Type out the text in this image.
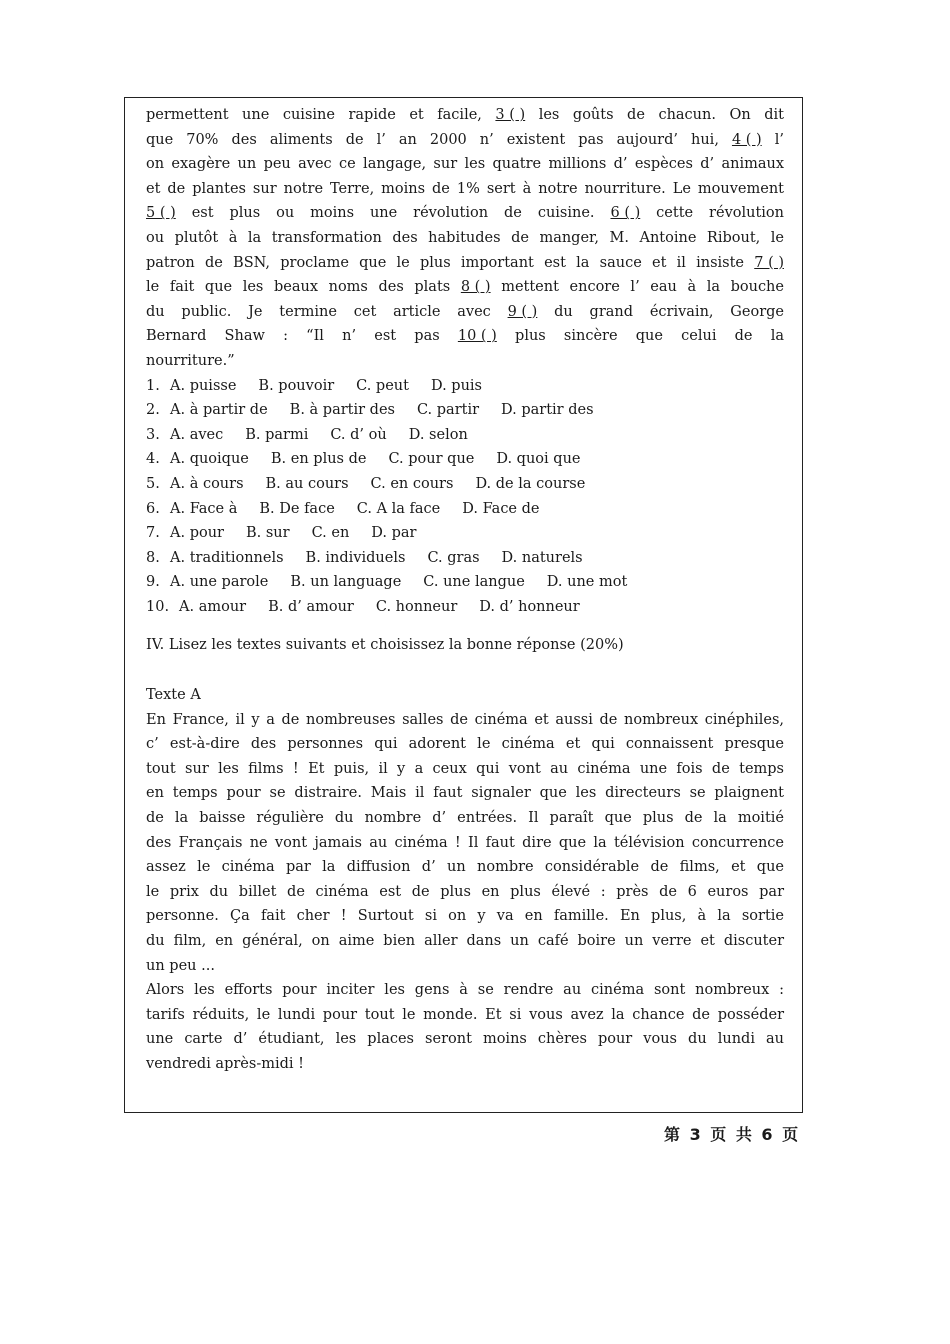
permettent une cuisine rapide et facile, 3 ( ) les goûts de chacun. On dit

que 70% des aliments de l’ an 2000 n’ existent pas aujourd’ hui, 4 ( ) l’

on exagère un peu avec ce langage, sur les quatre millions d’ espèces d’ animaux

et de plantes sur notre Terre, moins de 1% sert à notre nourriture. Le mouvement

5 ( ) est plus ou moins une révolution de cuisine. 6 ( ) cette révolution

ou plutôt à la transformation des habitudes de manger, M. Antoine Ribout, le

patron de BSN, proclame que le plus important est la sauce et il insiste 7 ( )

le fait que les beaux noms des plats 8 ( ) mettent encore l’ eau à la bouche

du public. Je termine cet article avec 9 ( ) du grand écrivain, George

Bernard Shaw : “Il n’ est pas 10 ( ) plus sincère que celui de la

nourriture.”

1. A. puisse B. pouvoir C. peut D. puis
2. A. à partir de B. à partir des C. partir D. partir des
3. A. avec B. parmi C. d’ où D. selon
4. A. quoique B. en plus de C. pour que D. quoi que
5. A. à cours B. au cours C. en cours D. de la course
6. A. Face à B. De face C. A la face D. Face de
7. A. pour B. sur C. en D. par
8. A. traditionnels B. individuels C. gras D. naturels
9. A. une parole B. un language C. une langue D. une mot
10. A. amour B. d’ amour C. honneur D. d’ honneur

IV. Lisez les textes suivants et choisissez la bonne réponse (20%)

Texte A

En France, il y a de nombreuses salles de cinéma et aussi de nombreux cinéphiles,

c’ est-à-dire des personnes qui adorent le cinéma et qui connaissent presque

tout sur les films ! Et puis, il y a ceux qui vont au cinéma une fois de temps

en temps pour se distraire. Mais il faut signaler que les directeurs se plaignent

de la baisse régulière du nombre d’ entrées. Il paraît que plus de la moitié

des Français ne vont jamais au cinéma ! Il faut dire que la télévision concurrence

assez le cinéma par la diffusion d’ un nombre considérable de films, et que

le prix du billet de cinéma est de plus en plus élevé : près de 6 euros par

personne. Ça fait cher ! Surtout si on y va en famille. En plus, à la sortie

du film, en général, on aime bien aller dans un café boire un verre et discuter

un peu ...

Alors les efforts pour inciter les gens à se rendre au cinéma sont nombreux :

tarifs réduits, le lundi pour tout le monde. Et si vous avez la chance de posséder

une carte d’ étudiant, les places seront moins chères pour vous du lundi au

vendredi après-midi !

第 3 页 共 6 页
